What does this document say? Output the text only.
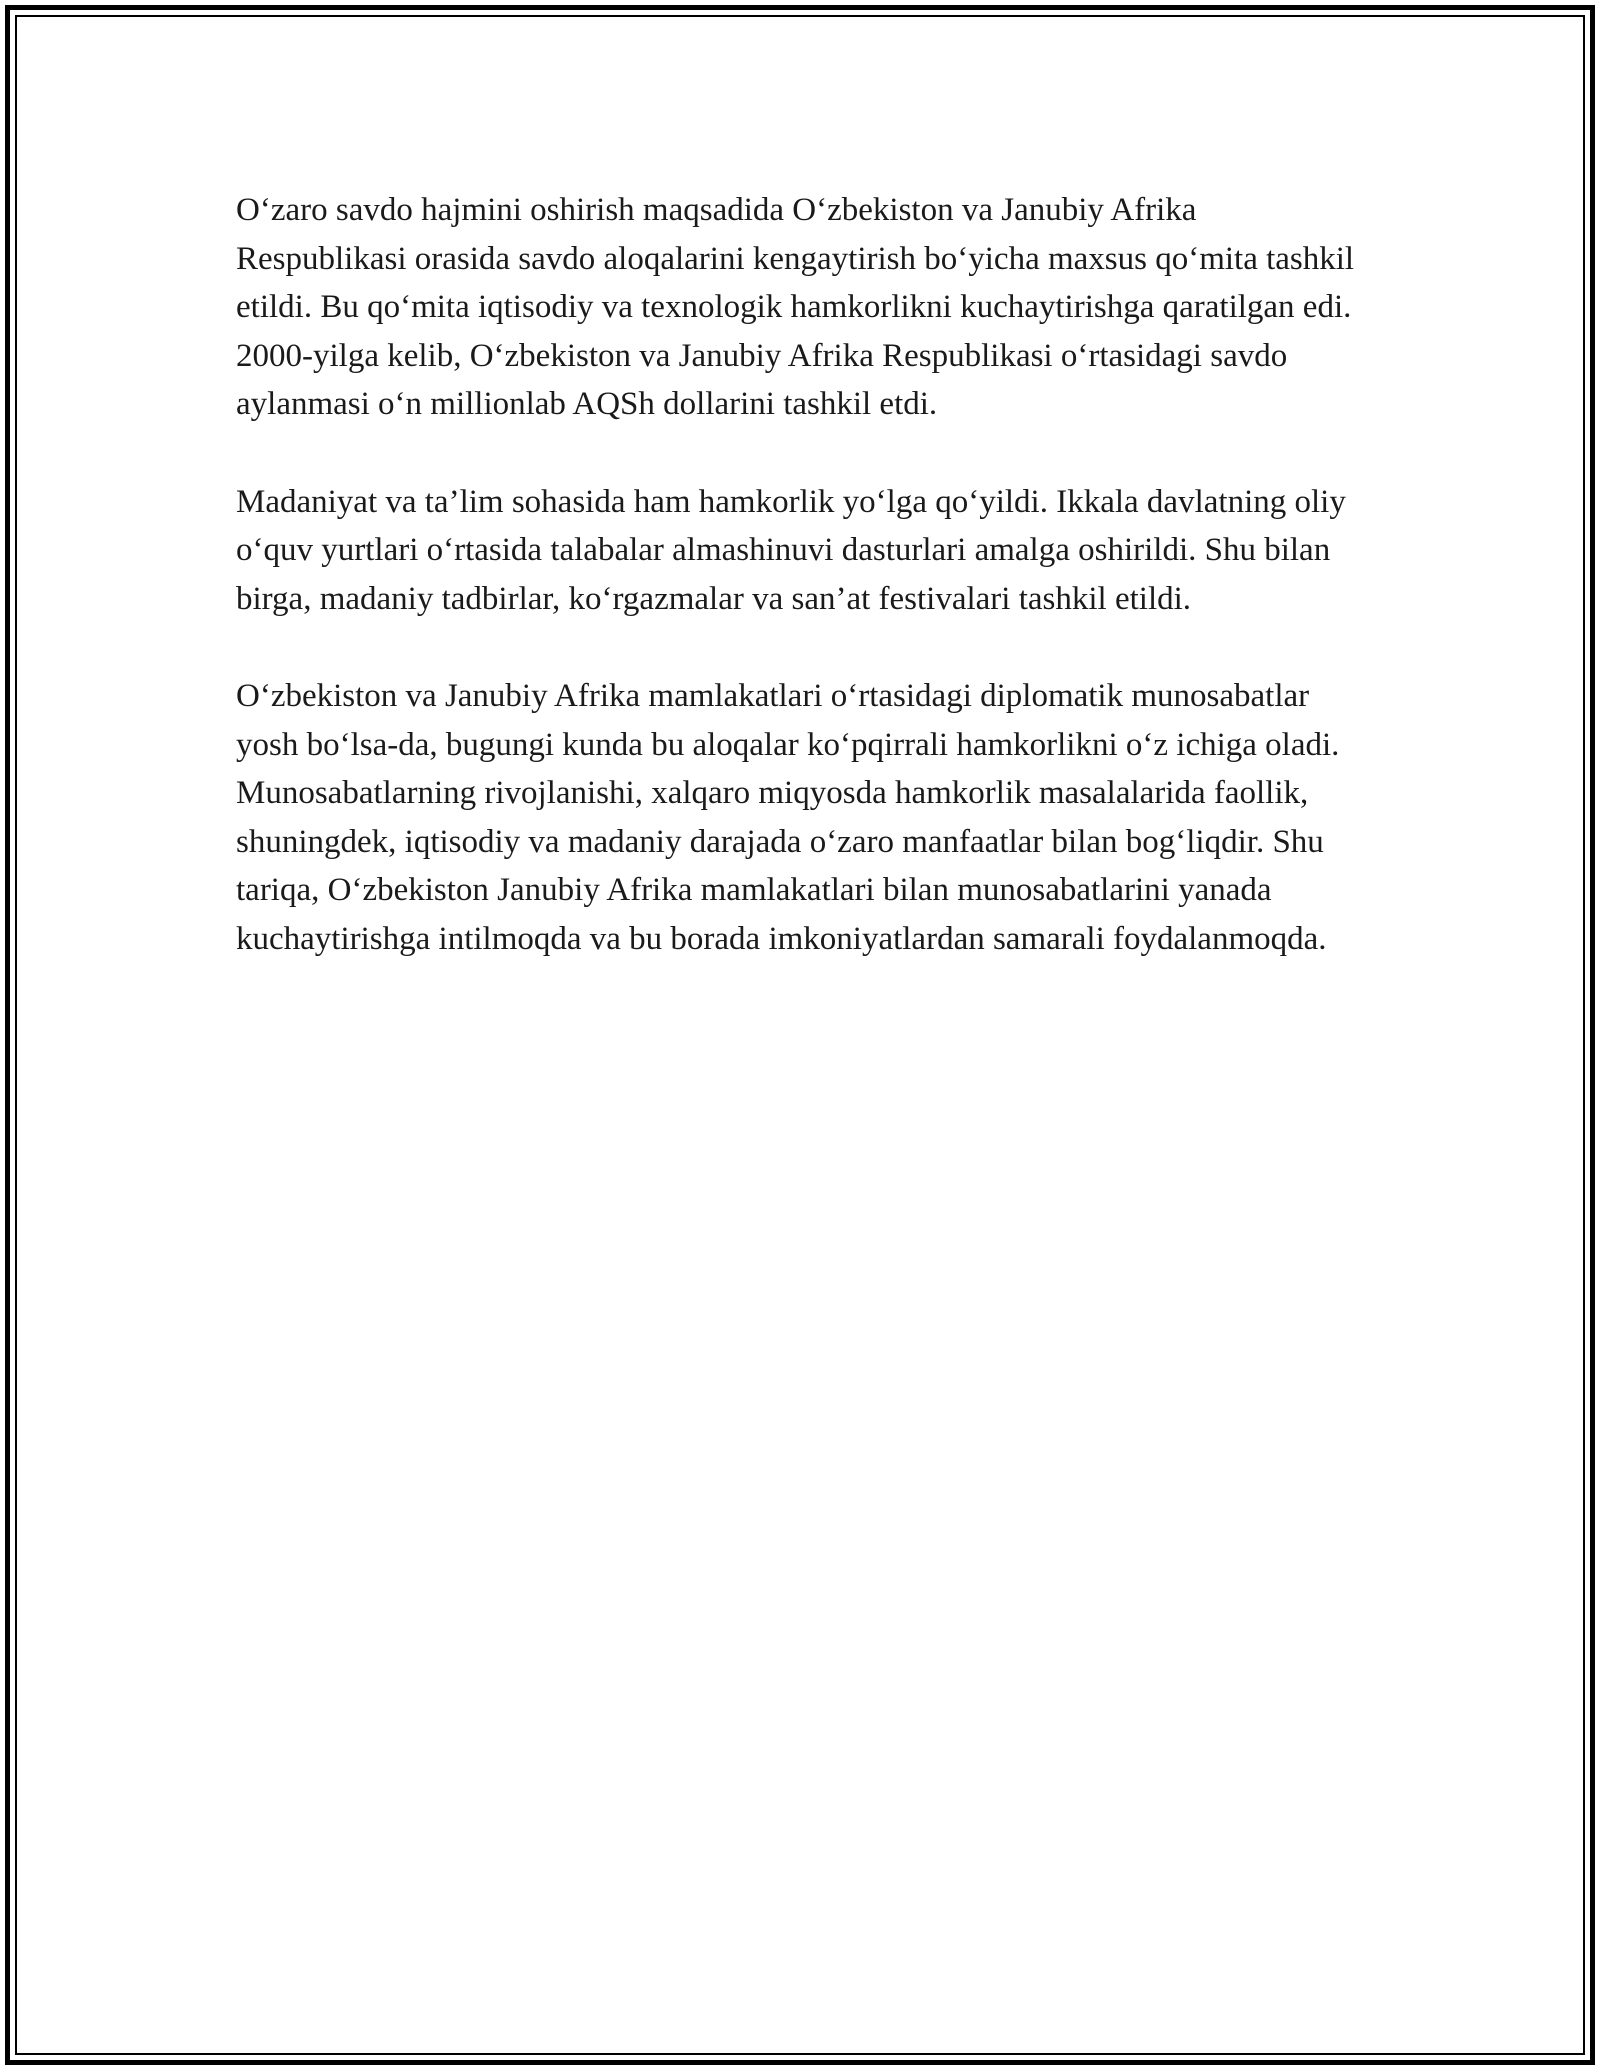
O‘zaro savdo hajmini oshirish maqsadida O‘zbekiston va Janubiy Afrika Respublikasi orasida savdo aloqalarini kengaytirish bo‘yicha maxsus qo‘mita tashkil etildi. Bu qo‘mita iqtisodiy va texnologik hamkorlikni kuchaytirishga qaratilgan edi. 2000-yilga kelib, O‘zbekiston va Janubiy Afrika Respublikasi o‘rtasidagi savdo aylanmasi o‘n millionlab AQSh dollarini tashkil etdi.

Madaniyat va ta’lim sohasida ham hamkorlik yo‘lga qo‘yildi. Ikkala davlatning oliy o‘quv yurtlari o‘rtasida talabalar almashinuvi dasturlari amalga oshirildi. Shu bilan birga, madaniy tadbirlar, ko‘rgazmalar va san’at festivalari tashkil etildi.

O‘zbekiston va Janubiy Afrika mamlakatlari o‘rtasidagi diplomatik munosabatlar yosh bo‘lsa-da, bugungi kunda bu aloqalar ko‘pqirrali hamkorlikni o‘z ichiga oladi. Munosabatlarning rivojlanishi, xalqaro miqyosda hamkorlik masalalarida faollik, shuningdek, iqtisodiy va madaniy darajada o‘zaro manfaatlar bilan bog‘liqdir. Shu tariqa, O‘zbekiston Janubiy Afrika mamlakatlari bilan munosabatlarini yanada kuchaytirishga intilmoqda va bu borada imkoniyatlardan samarali foydalanmoqda.
